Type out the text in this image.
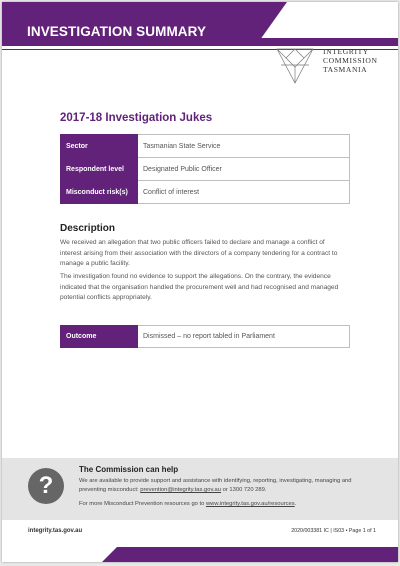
INVESTIGATION SUMMARY
INTEGRITY
COMMISSION
TASMANIA
2017-18 Investigation Jukes
Sector	Tasmanian State Service
Respondent level	Designated Public Officer
Misconduct risk(s)	Conflict of interest
Description
We received an allegation that two public officers failed to declare and manage a conflict of interest arising from their association with the directors of a company tendering for a contract to manage a public facility.
The investigation found no evidence to support the allegations. On the contrary, the evidence indicated that the organisation handled the procurement well and had recognised and managed potential conflicts appropriately.
Outcome	Dismissed – no report tabled in Parliament
?
The Commission can help
We are available to provide support and assistance with identifying, reporting, investigating, managing and preventing misconduct: prevention@integrity.tas.gov.au or 1300 720 289.
For more Misconduct Prevention resources go to www.integrity.tas.gov.au/resources.
integrity.tas.gov.au	2020/003381 IC | IS03 • Page 1 of 1
